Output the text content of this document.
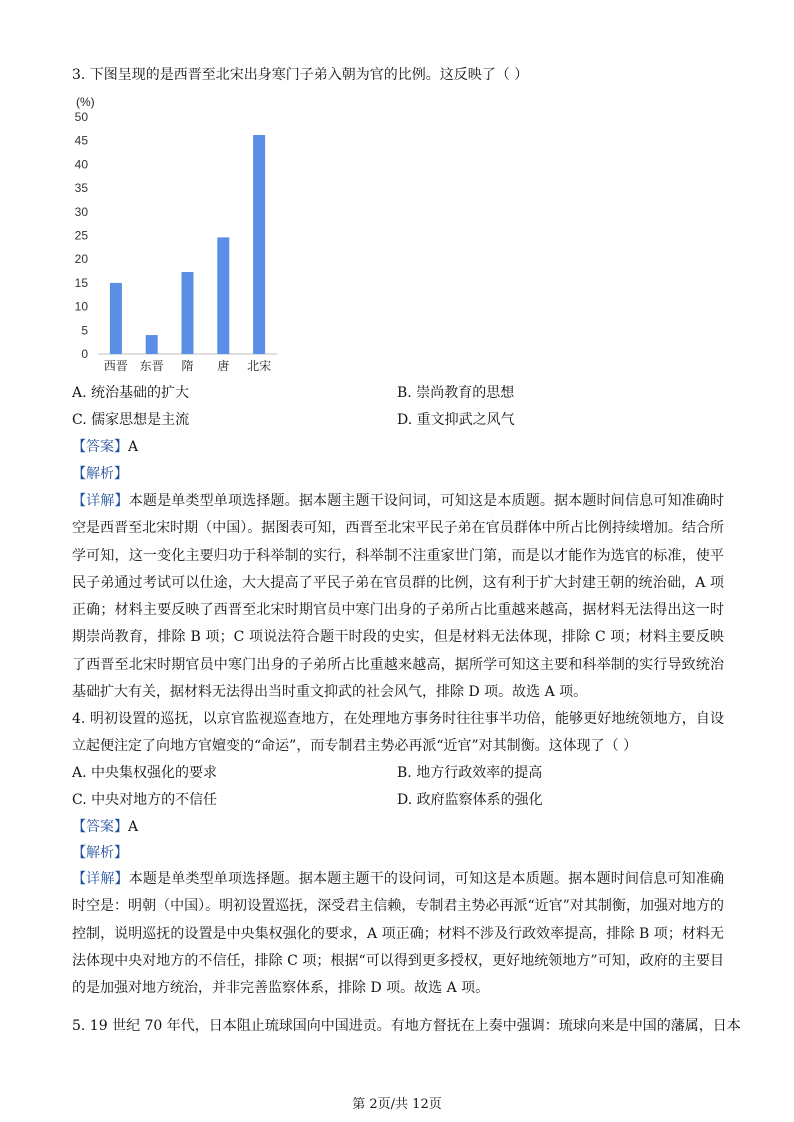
3. 下图呈现的是西晋至北宋出身寒门子弟入朝为官的比例。这反映了（ ）
(%)
0
5
10
15
20
25
30
35
40
45
50
西晋 东晋 隋 唐 北宋
A. 统治基础的扩大	B. 崇尚教育的思想
C. 儒家思想是主流	D. 重文抑武之风气
【答案】A
【解析】
【详解】本题是单类型单项选择题。据本题主题干设问词，可知这是本质题。据本题时间信息可知准确时空是西晋至北宋时期（中国）。据图表可知，西晋至北宋平民子弟在官员群体中所占比例持续增加。结合所学可知，这一变化主要归功于科举制的实行，科举制不注重家世门第，而是以才能作为选官的标准，使平民子弟通过考试可以仕途，大大提高了平民子弟在官员群的比例，这有利于扩大封建王朝的统治础，A 项正确；材料主要反映了西晋至北宋时期官员中寒门出身的子弟所占比重越来越高，据材料无法得出这一时期崇尚教育，排除 B 项；C 项说法符合题干时段的史实，但是材料无法体现，排除 C 项；材料主要反映了西晋至北宋时期官员中寒门出身的子弟所占比重越来越高，据所学可知这主要和科举制的实行导致统治基础扩大有关，据材料无法得出当时重文抑武的社会风气，排除 D 项。故选 A 项。
4. 明初设置的巡抚，以京官监视巡查地方，在处理地方事务时往往事半功倍，能够更好地统领地方，自设立起便注定了向地方官嬗变的“命运”，而专制君主势必再派“近官”对其制衡。这体现了（ ）
A. 中央集权强化的要求	B. 地方行政效率的提高
C. 中央对地方的不信任	D. 政府监察体系的强化
【答案】A
【解析】
【详解】本题是单类型单项选择题。据本题主题干的设问词，可知这是本质题。据本题时间信息可知准确时空是：明朝（中国）。明初设置巡抚，深受君主信赖，专制君主势必再派“近官”对其制衡，加强对地方的控制，说明巡抚的设置是中央集权强化的要求，A 项正确；材料不涉及行政效率提高，排除 B 项；材料无法体现中央对地方的不信任，排除 C 项；根据“可以得到更多授权，更好地统领地方”可知，政府的主要目的是加强对地方统治，并非完善监察体系，排除 D 项。故选 A 项。
5. 19 世纪 70 年代，日本阻止琉球国向中国进贡。有地方督抚在上奏中强调：琉球向来是中国的藩属，日本
第 2页/共 12页
